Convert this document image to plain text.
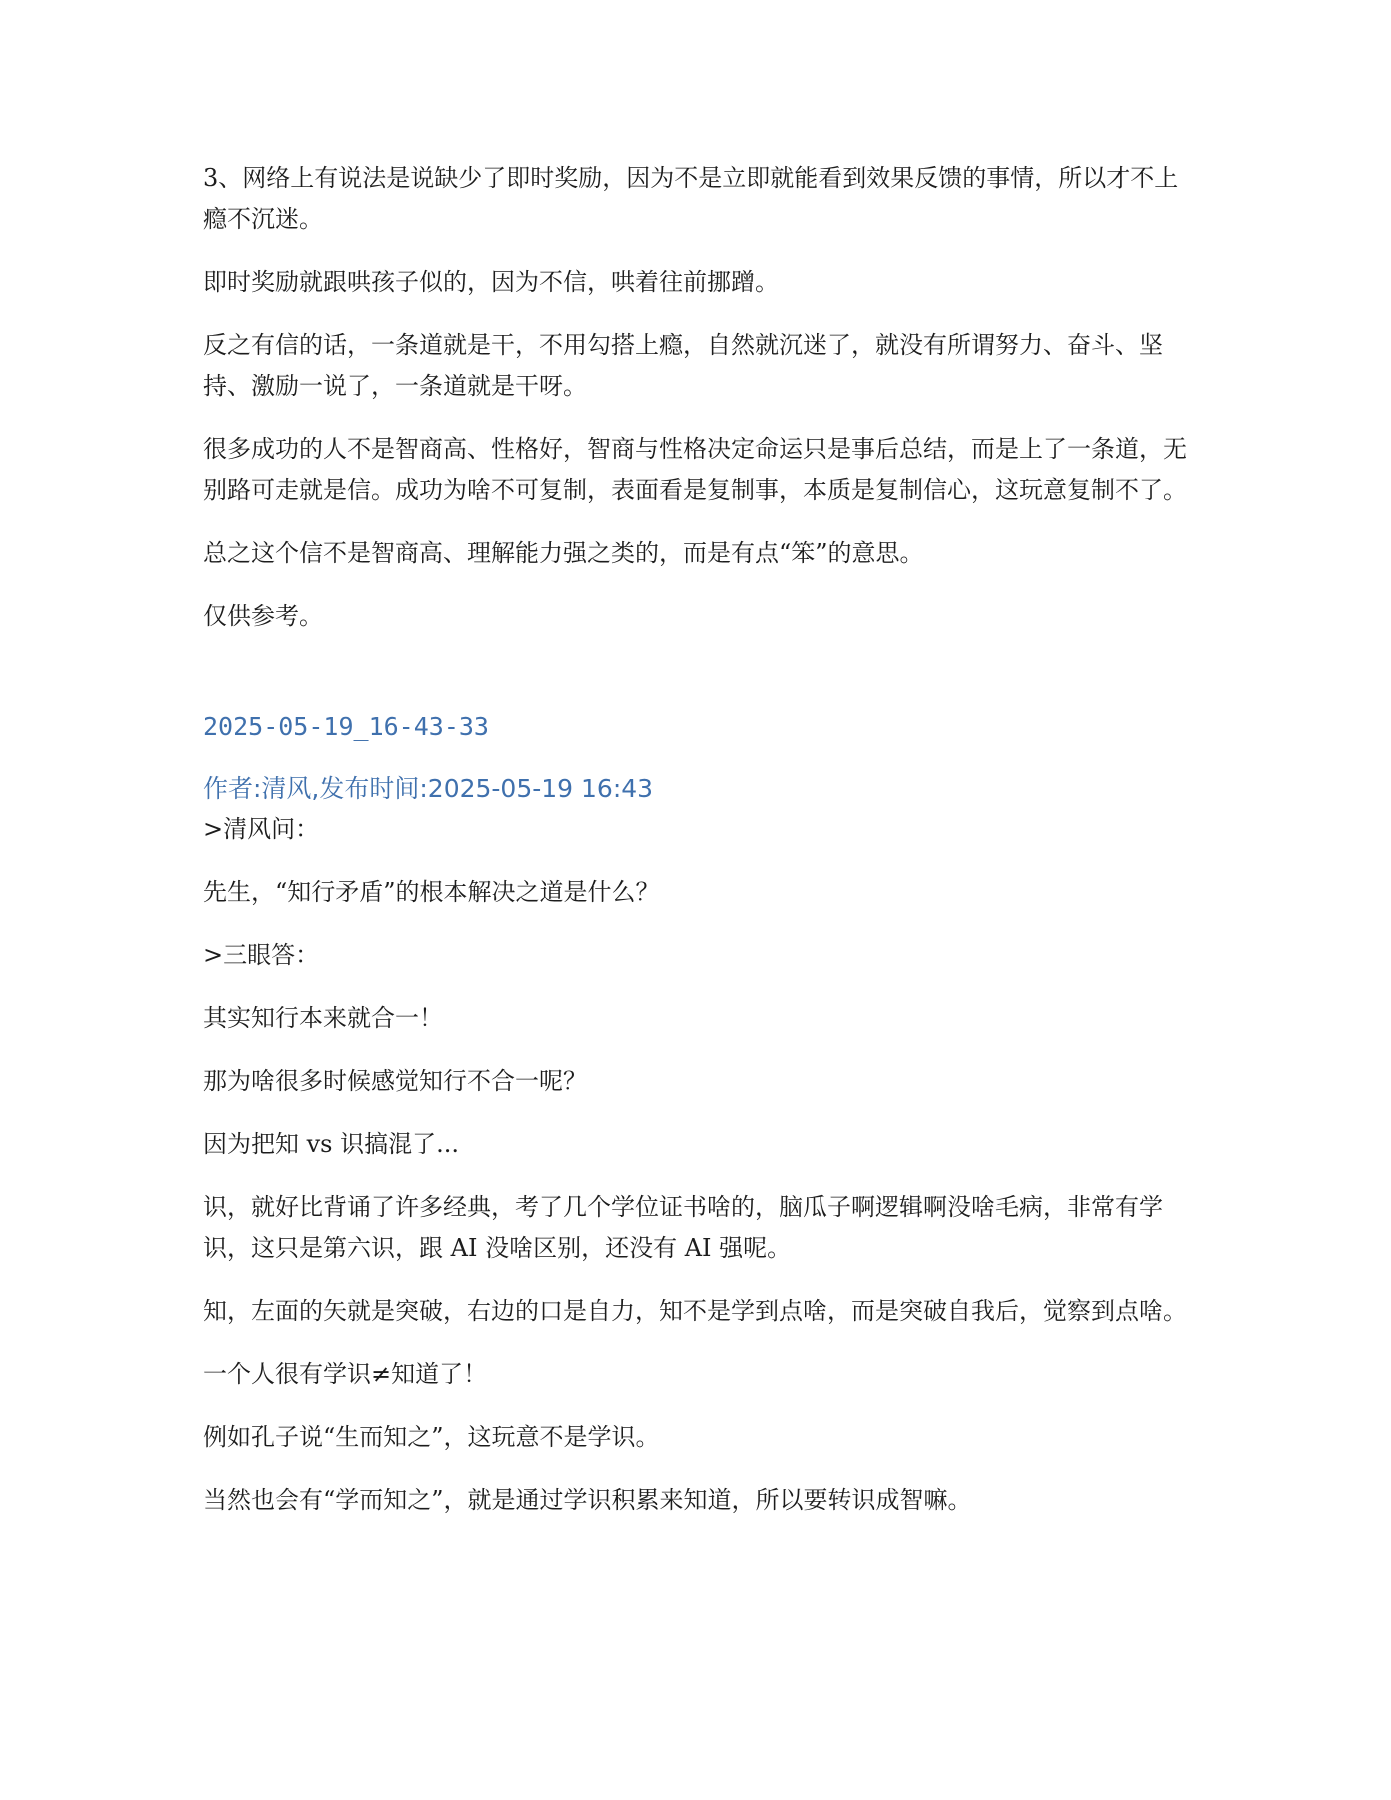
3、网络上有说法是说缺少了即时奖励，因为不是立即就能看到效果反馈的事情，所以才不上瘾不沉迷。

即时奖励就跟哄孩子似的，因为不信，哄着往前挪蹭。

反之有信的话，一条道就是干，不用勾搭上瘾，自然就沉迷了，就没有所谓努力、奋斗、坚持、激励一说了，一条道就是干呀。

很多成功的人不是智商高、性格好，智商与性格决定命运只是事后总结，而是上了一条道，无别路可走就是信。成功为啥不可复制，表面看是复制事，本质是复制信心，这玩意复制不了。

总之这个信不是智商高、理解能力强之类的，而是有点“笨”的意思。

仅供参考。

2025-05-19_16-43-33

作者:清风,发布时间:2025-05-19 16:43

>清风问：

先生，“知行矛盾”的根本解决之道是什么？

>三眼答：

其实知行本来就合一！

那为啥很多时候感觉知行不合一呢？

因为把知 vs 识搞混了...

识，就好比背诵了许多经典，考了几个学位证书啥的，脑瓜子啊逻辑啊没啥毛病，非常有学识，这只是第六识，跟 AI 没啥区别，还没有 AI 强呢。

知，左面的矢就是突破，右边的口是自力，知不是学到点啥，而是突破自我后，觉察到点啥。

一个人很有学识≠知道了！

例如孔子说“生而知之”，这玩意不是学识。

当然也会有“学而知之”，就是通过学识积累来知道，所以要转识成智嘛。
